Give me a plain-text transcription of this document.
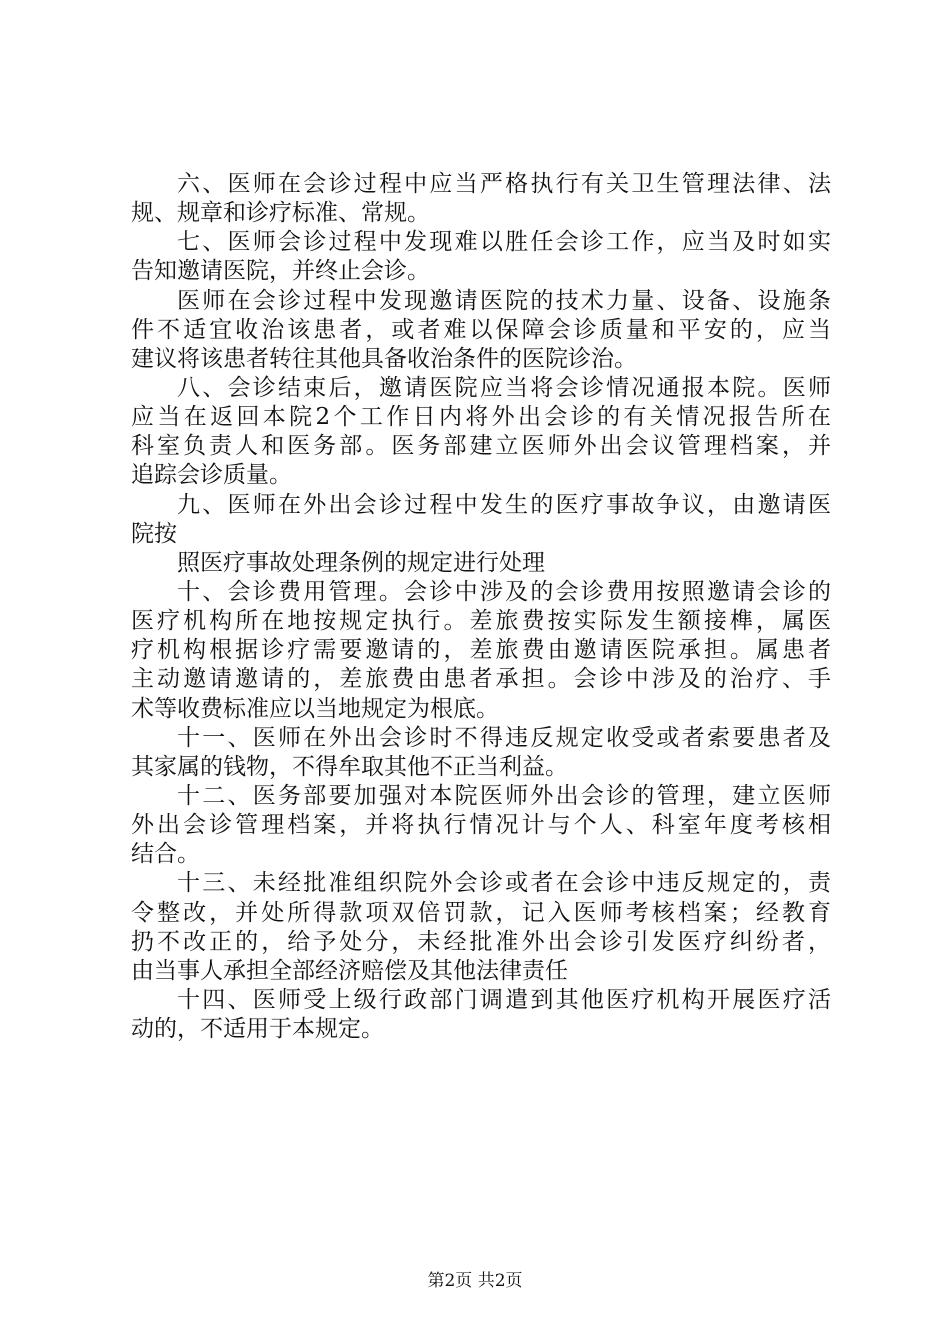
六、医师在会诊过程中应当严格执行有关卫生管理法律、法
规、规章和诊疗标准、常规。
七、医师会诊过程中发现难以胜任会诊工作，应当及时如实
告知邀请医院，并终止会诊。
医师在会诊过程中发现邀请医院的技术力量、设备、设施条
件不适宜收治该患者，或者难以保障会诊质量和平安的，应当
建议将该患者转往其他具备收治条件的医院诊治。
八、会诊结束后，邀请医院应当将会诊情况通报本院。医师
应当在返回本院2个工作日内将外出会诊的有关情况报告所在
科室负责人和医务部。医务部建立医师外出会议管理档案，并
追踪会诊质量。
九、医师在外出会诊过程中发生的医疗事故争议，由邀请医
院按
照医疗事故处理条例的规定进行处理
十、会诊费用管理。会诊中涉及的会诊费用按照邀请会诊的
医疗机构所在地按规定执行。差旅费按实际发生额接榫，属医
疗机构根据诊疗需要邀请的，差旅费由邀请医院承担。属患者
主动邀请邀请的，差旅费由患者承担。会诊中涉及的治疗、手
术等收费标准应以当地规定为根底。
十一、医师在外出会诊时不得违反规定收受或者索要患者及
其家属的钱物，不得牟取其他不正当利益。
十二、医务部要加强对本院医师外出会诊的管理，建立医师
外出会诊管理档案，并将执行情况计与个人、科室年度考核相
结合。
十三、未经批准组织院外会诊或者在会诊中违反规定的，责
令整改，并处所得款项双倍罚款，记入医师考核档案；经教育
扔不改正的，给予处分，未经批准外出会诊引发医疗纠纷者，
由当事人承担全部经济赔偿及其他法律责任
十四、医师受上级行政部门调遣到其他医疗机构开展医疗活
动的，不适用于本规定。
第2页 共2页
